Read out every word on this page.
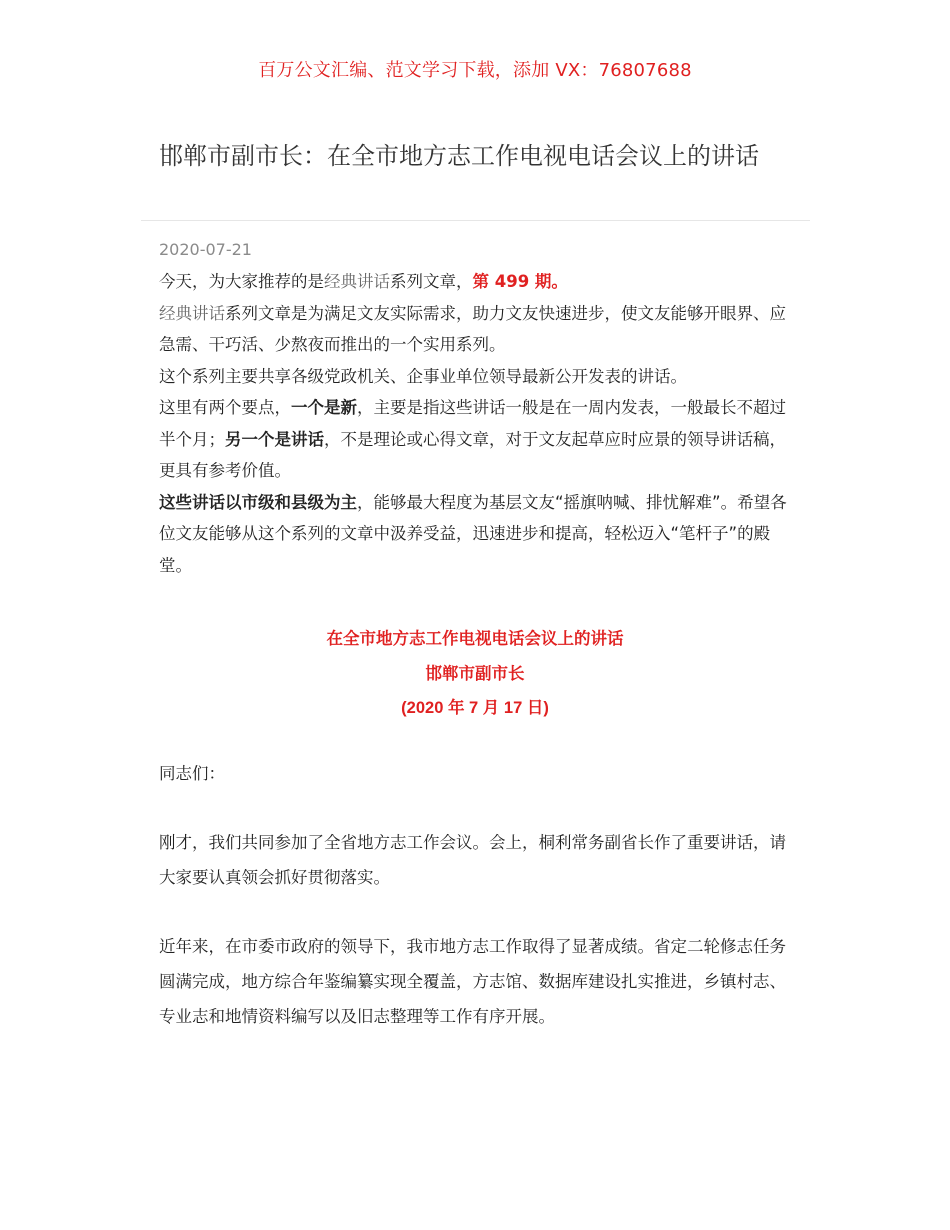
百万公文汇编、范文学习下载，添加 VX：76807688
邯郸市副市长：在全市地方志工作电视电话会议上的讲话
2020-07-21

今天，为大家推荐的是经典讲话系列文章，第 499 期。

经典讲话系列文章是为满足文友实际需求，助力文友快速进步，使文友能够开眼界、应急需、干巧活、少熬夜而推出的一个实用系列。

这个系列主要共享各级党政机关、企事业单位领导最新公开发表的讲话。

这里有两个要点，一个是新，主要是指这些讲话一般是在一周内发表，一般最长不超过半个月；另一个是讲话，不是理论或心得文章，对于文友起草应时应景的领导讲话稿，更具有参考价值。

这些讲话以市级和县级为主，能够最大程度为基层文友“摇旗呐喊、排忧解难”。希望各位文友能够从这个系列的文章中汲养受益，迅速进步和提高，轻松迈入“笔杆子”的殿堂。

在全市地方志工作电视电话会议上的讲话
邯郸市副市长
(2020 年 7 月 17 日)
同志们：

刚才，我们共同参加了全省地方志工作会议。会上，桐利常务副省长作了重要讲话，请大家要认真领会抓好贯彻落实。

近年来，在市委市政府的领导下，我市地方志工作取得了显著成绩。省定二轮修志任务圆满完成，地方综合年鉴编纂实现全覆盖，方志馆、数据库建设扎实推进，乡镇村志、专业志和地情资料编写以及旧志整理等工作有序开展。
